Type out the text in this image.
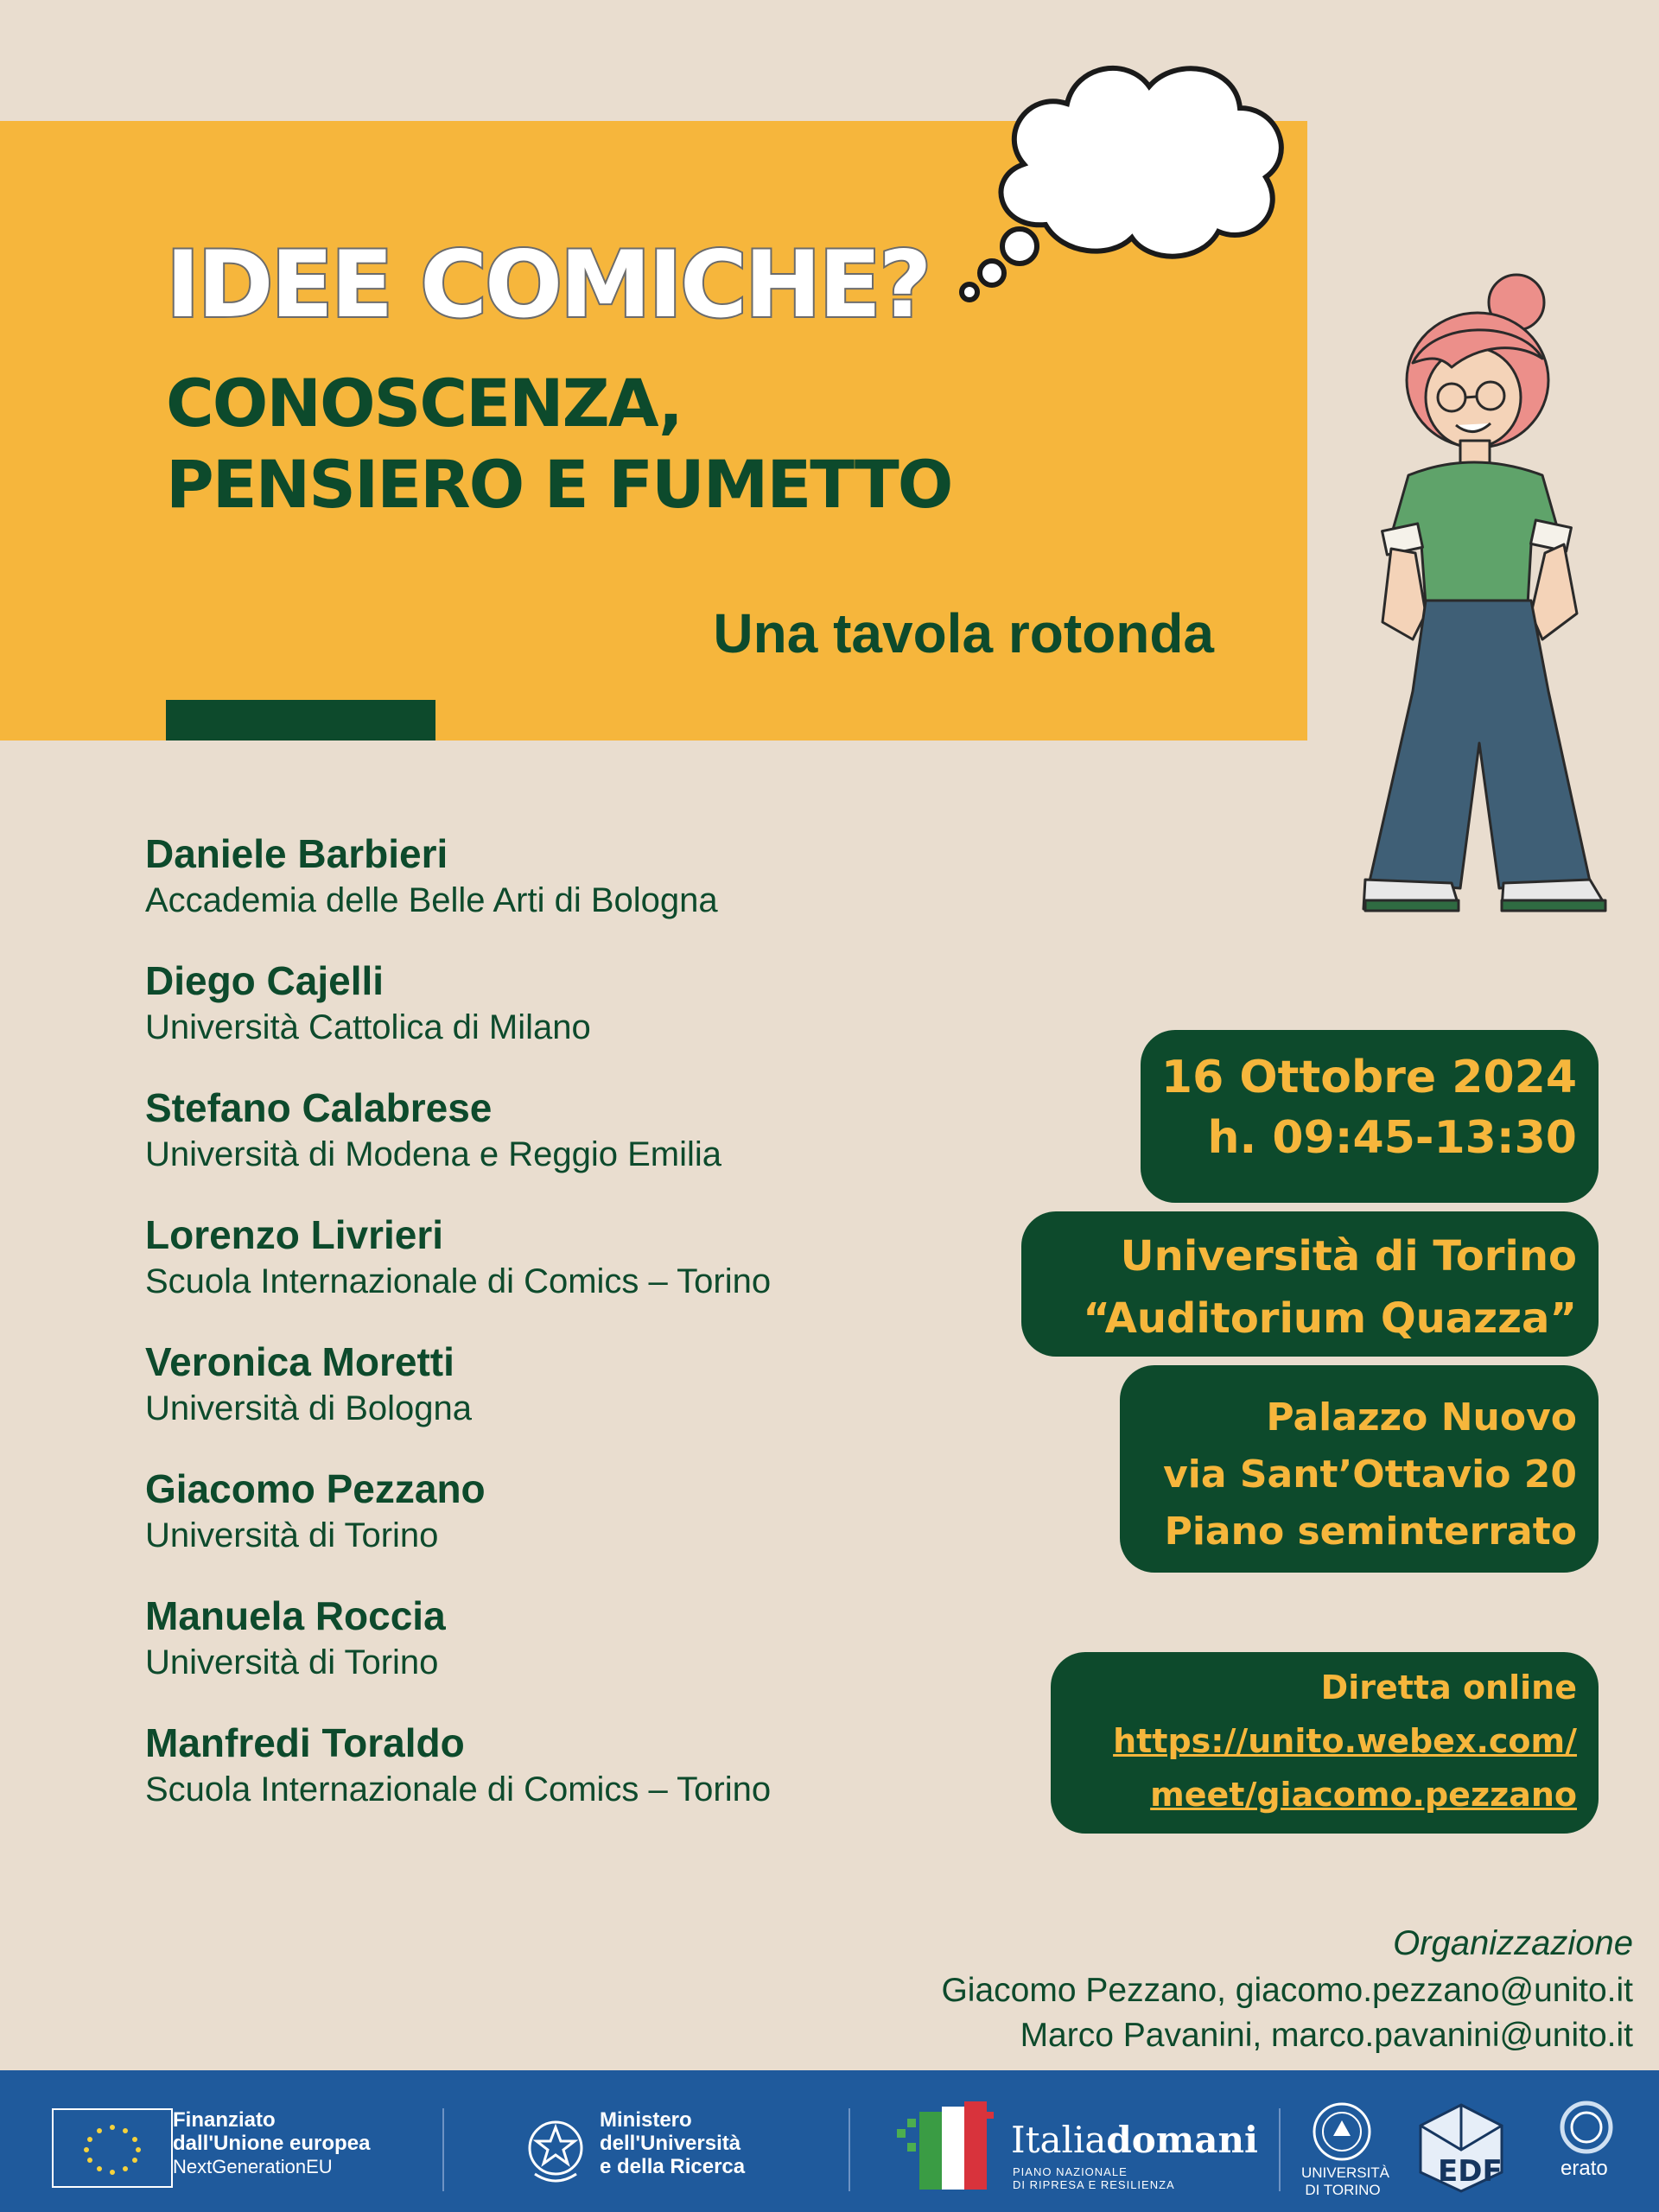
IDEE COMICHE?
CONOSCENZA,
PENSIERO E FUMETTO
Una tavola rotonda
Daniele Barbieri
Accademia delle Belle Arti di Bologna
Diego Cajelli
Università Cattolica di Milano
Stefano Calabrese
Università di Modena e Reggio Emilia
Lorenzo Livrieri
Scuola Internazionale di Comics – Torino
Veronica Moretti
Università di Bologna
Giacomo Pezzano
Università di Torino
Manuela Roccia
Università di Torino
Manfredi Toraldo
Scuola Internazionale di Comics – Torino
16 Ottobre 2024
h. 09:45-13:30
Università di Torino
“Auditorium Quazza”
Palazzo Nuovo
via Sant’Ottavio 20
Piano seminterrato
Diretta online
https://unito.webex.com/
meet/giacomo.pezzano
Organizzazione
Giacomo Pezzano, giacomo.pezzano@unito.it
Marco Pavanini, marco.pavanini@unito.it
Finanziato
dall'Unione europea
NextGenerationEU
Ministero
dell'Università
e della Ricerca
Italiadomani
PIANO NAZIONALE
DI RIPRESA E RESILIENZA
UNIVERSITÀ
DI TORINO
EDF	erato
